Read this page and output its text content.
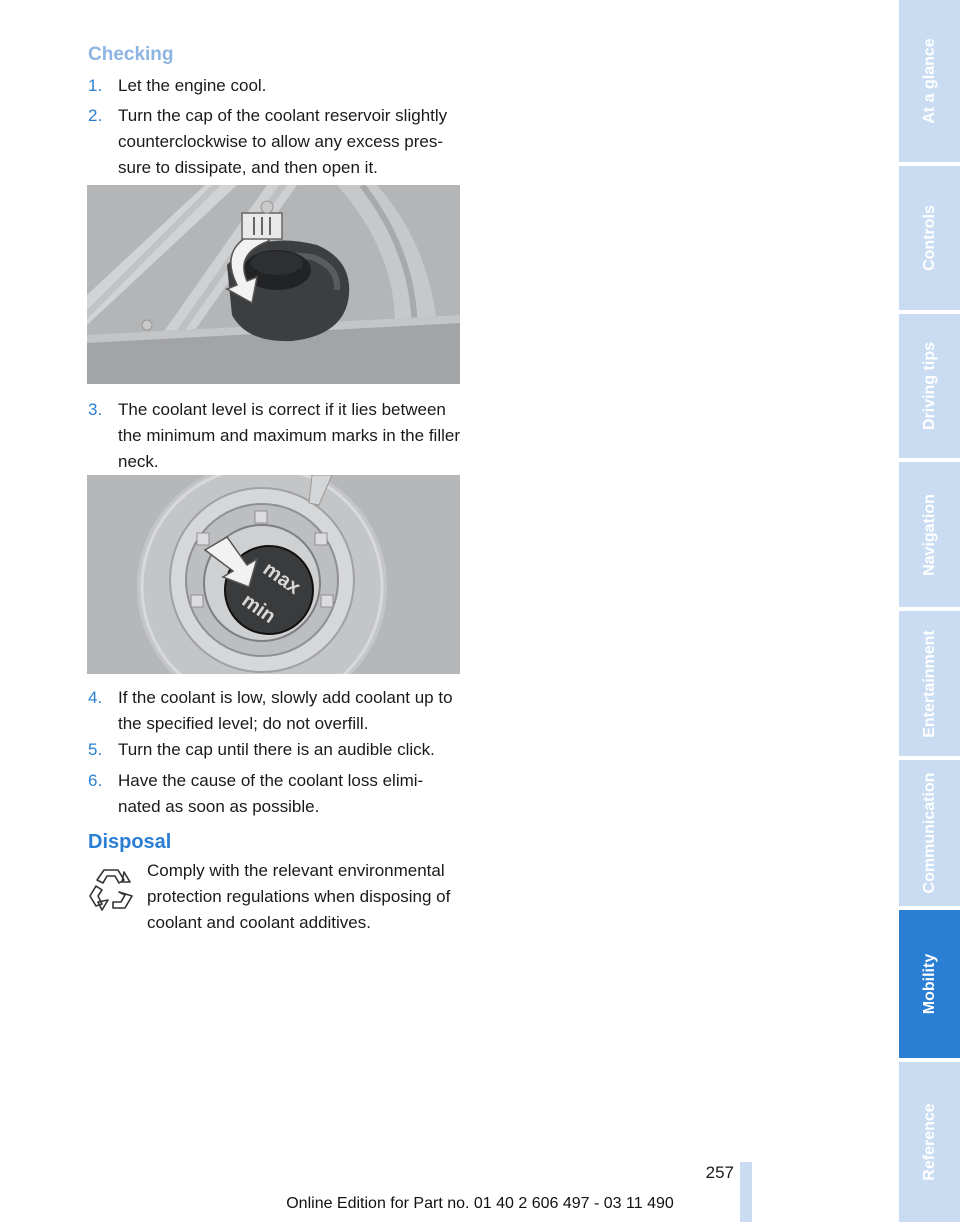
Checking
1. Let the engine cool.
2. Turn the cap of the coolant reservoir slightly counterclockwise to allow any excess pres-sure to dissipate, and then open it.
3. The coolant level is correct if it lies between the minimum and maximum marks in the filler neck.
max
min
4. If the coolant is low, slowly add coolant up to the specified level; do not overfill.
5. Turn the cap until there is an audible click.
6. Have the cause of the coolant loss elimi-nated as soon as possible.
Disposal
Comply with the relevant environmental protection regulations when disposing of coolant and coolant additives.
257
Online Edition for Part no. 01 40 2 606 497 - 03 11 490
At a glance
Controls
Driving tips
Navigation
Entertainment
Communication
Mobility
Reference
